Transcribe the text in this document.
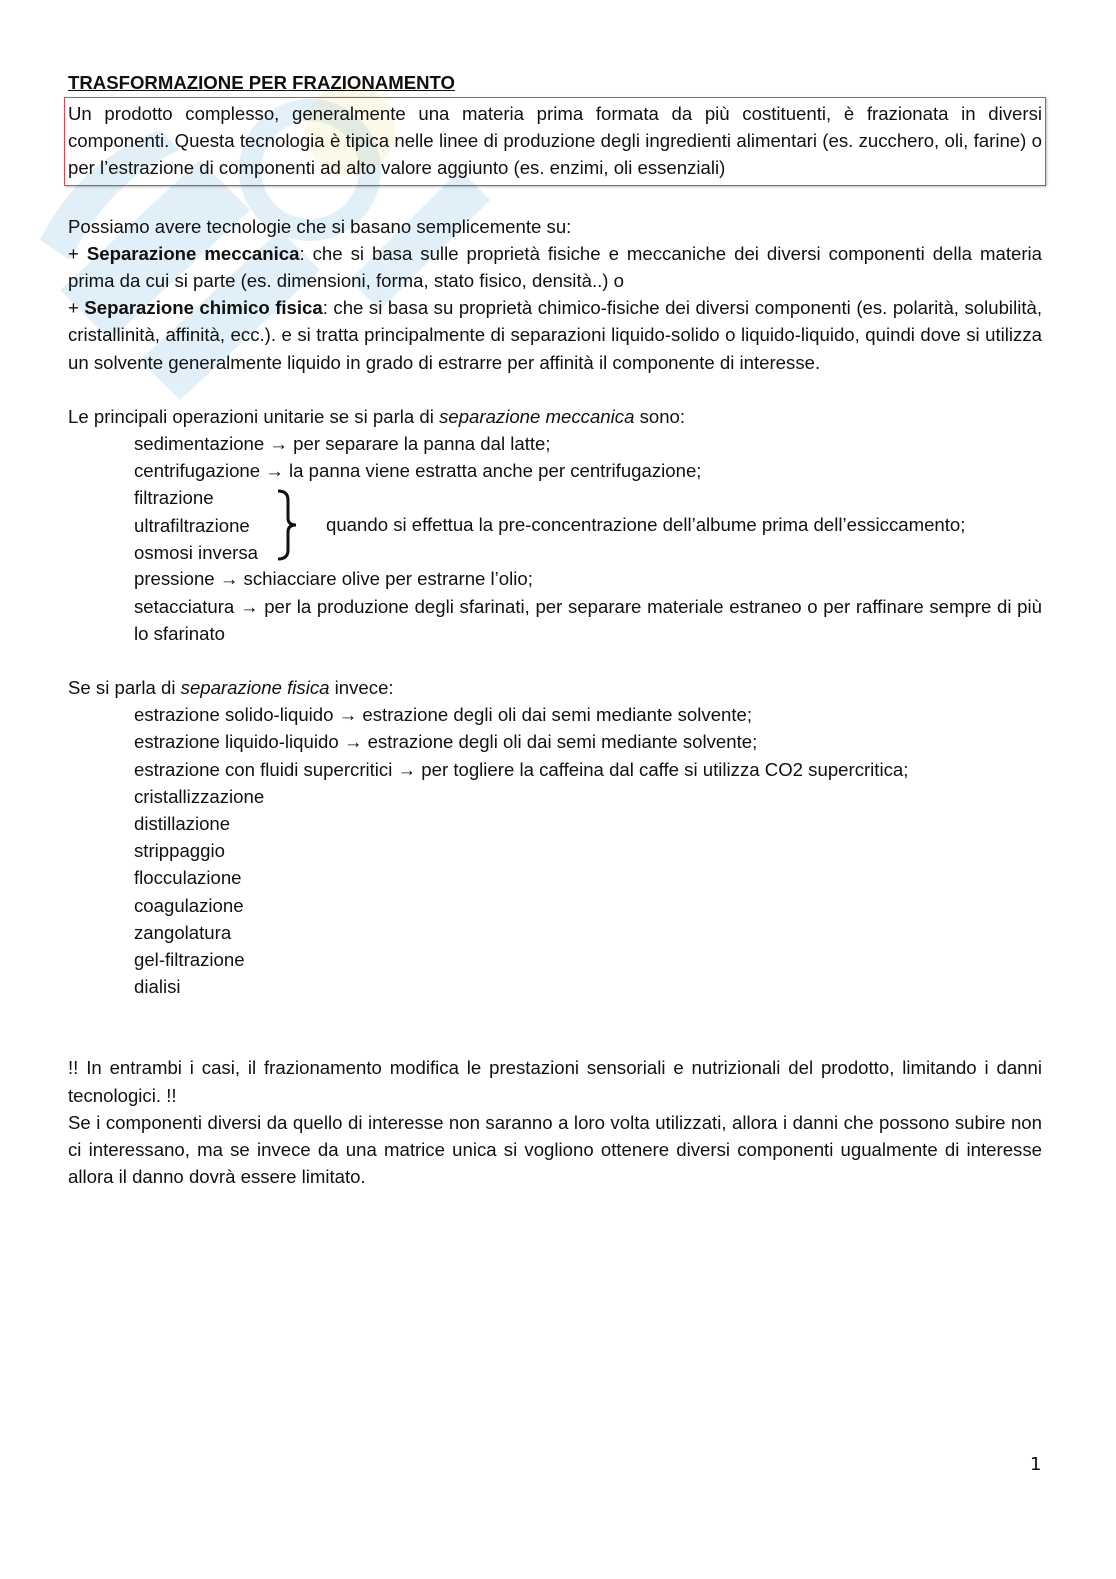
TRASFORMAZIONE PER FRAZIONAMENTO
Un prodotto complesso, generalmente una materia prima formata da più costituenti, è frazionata in diversi componenti. Questa tecnologia è tipica nelle linee di produzione degli ingredienti alimentari (es. zucchero, oli, farine) o per l’estrazione di componenti ad alto valore aggiunto (es. enzimi, oli essenziali)

Possiamo avere tecnologie che si basano semplicemente su:

+ Separazione meccanica: che si basa sulle proprietà fisiche e meccaniche dei diversi componenti della materia prima da cui si parte (es. dimensioni, forma, stato fisico, densità..) o

+ Separazione chimico fisica: che si basa su proprietà chimico-fisiche dei diversi componenti (es. polarità, solubilità, cristallinità, affinità, ecc.). e si tratta principalmente di separazioni liquido-solido o liquido-liquido, quindi dove si utilizza un solvente generalmente liquido in grado di estrarre per affinità il componente di interesse.

Le principali operazioni unitarie se si parla di separazione meccanica sono:

sedimentazione → per separare la panna dal latte;
centrifugazione → la panna viene estratta anche per centrifugazione;
filtrazione
ultrafiltrazione
osmosi inversa
quando si effettua la pre-concentrazione dell’albume prima dell’essiccamento;
pressione → schiacciare olive per estrarne l’olio;

setacciatura → per la produzione degli sfarinati, per separare materiale estraneo o per raffinare sempre di più lo sfarinato

Se si parla di separazione fisica invece:

estrazione solido-liquido → estrazione degli oli dai semi mediante solvente;
estrazione liquido-liquido → estrazione degli oli dai semi mediante solvente;
estrazione con fluidi supercritici → per togliere la caffeina dal caffe si utilizza CO2 supercritica;
cristallizzazione
distillazione
strippaggio
flocculazione
coagulazione
zangolatura
gel-filtrazione
dialisi

!! In entrambi i casi, il frazionamento modifica le prestazioni sensoriali e nutrizionali del prodotto, limitando i danni tecnologici. !!

Se i componenti diversi da quello di interesse non saranno a loro volta utilizzati, allora i danni che possono subire non ci interessano, ma se invece da una matrice unica si vogliono ottenere diversi componenti ugualmente di interesse allora il danno dovrà essere limitato.

1
